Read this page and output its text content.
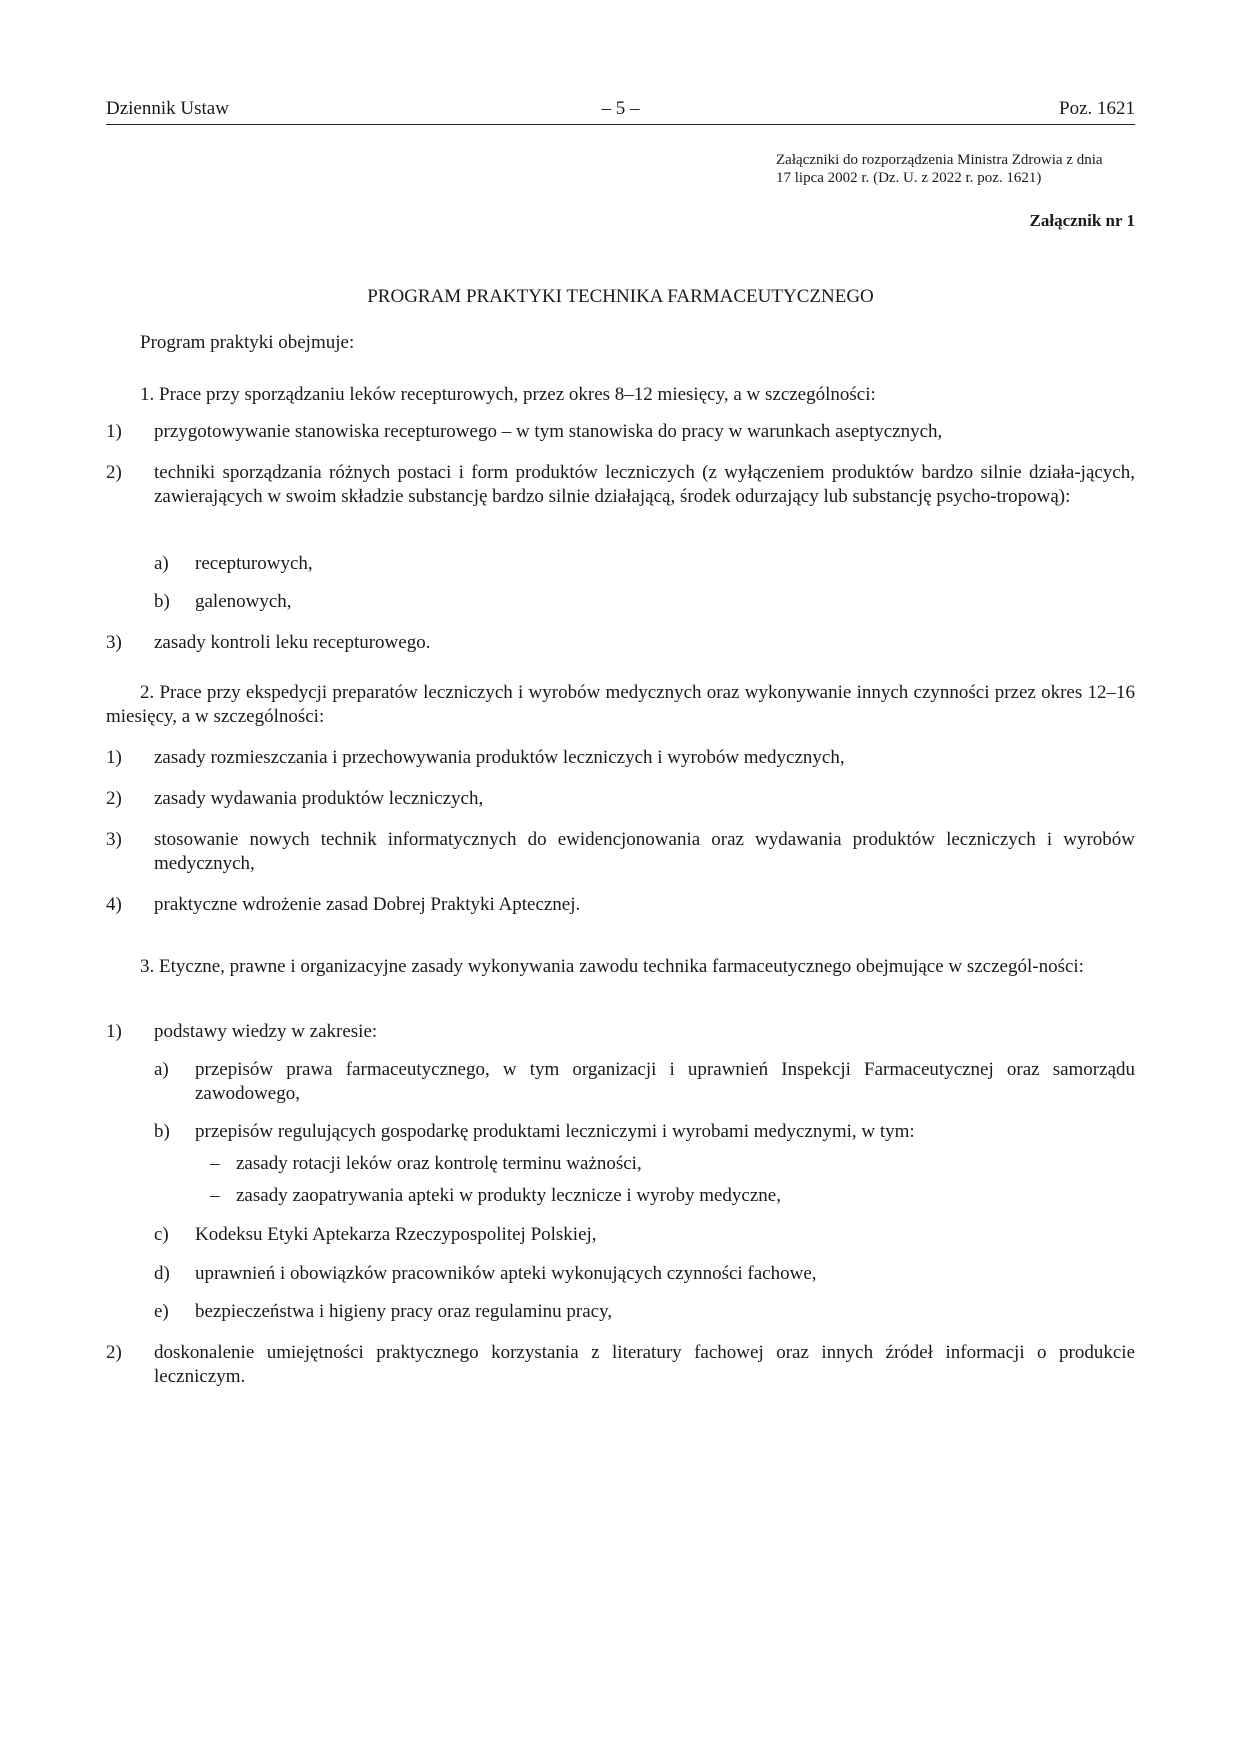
Dziennik Ustaw	– 5 –	Poz. 1621
Załączniki do rozporządzenia Ministra Zdrowia z dnia
17 lipca 2002 r. (Dz. U. z 2022 r. poz. 1621)
Załącznik nr 1
PROGRAM PRAKTYKI TECHNIKA FARMACEUTYCZNEGO
Program praktyki obejmuje:
1. Prace przy sporządzaniu leków recepturowych, przez okres 8–12 miesięcy, a w szczególności:
1) przygotowywanie stanowiska recepturowego – w tym stanowiska do pracy w warunkach aseptycznych,
2) techniki sporządzania różnych postaci i form produktów leczniczych (z wyłączeniem produktów bardzo silnie działa-jących, zawierających w swoim składzie substancję bardzo silnie działającą, środek odurzający lub substancję psycho-tropową):
a) recepturowych,
b) galenowych,
3) zasady kontroli leku recepturowego.
2. Prace przy ekspedycji preparatów leczniczych i wyrobów medycznych oraz wykonywanie innych czynności przez okres 12–16 miesięcy, a w szczególności:
1) zasady rozmieszczania i przechowywania produktów leczniczych i wyrobów medycznych,
2) zasady wydawania produktów leczniczych,
3) stosowanie nowych technik informatycznych do ewidencjonowania oraz wydawania produktów leczniczych i wyrobów medycznych,
4) praktyczne wdrożenie zasad Dobrej Praktyki Aptecznej.
3. Etyczne, prawne i organizacyjne zasady wykonywania zawodu technika farmaceutycznego obejmujące w szczegól-ności:
1) podstawy wiedzy w zakresie:
a) przepisów prawa farmaceutycznego, w tym organizacji i uprawnień Inspekcji Farmaceutycznej oraz samorządu zawodowego,
b) przepisów regulujących gospodarkę produktami leczniczymi i wyrobami medycznymi, w tym:
– zasady rotacji leków oraz kontrolę terminu ważności,
– zasady zaopatrywania apteki w produkty lecznicze i wyroby medyczne,
c) Kodeksu Etyki Aptekarza Rzeczypospolitej Polskiej,
d) uprawnień i obowiązków pracowników apteki wykonujących czynności fachowe,
e) bezpieczeństwa i higieny pracy oraz regulaminu pracy,
2) doskonalenie umiejętności praktycznego korzystania z literatury fachowej oraz innych źródeł informacji o produkcie leczniczym.
